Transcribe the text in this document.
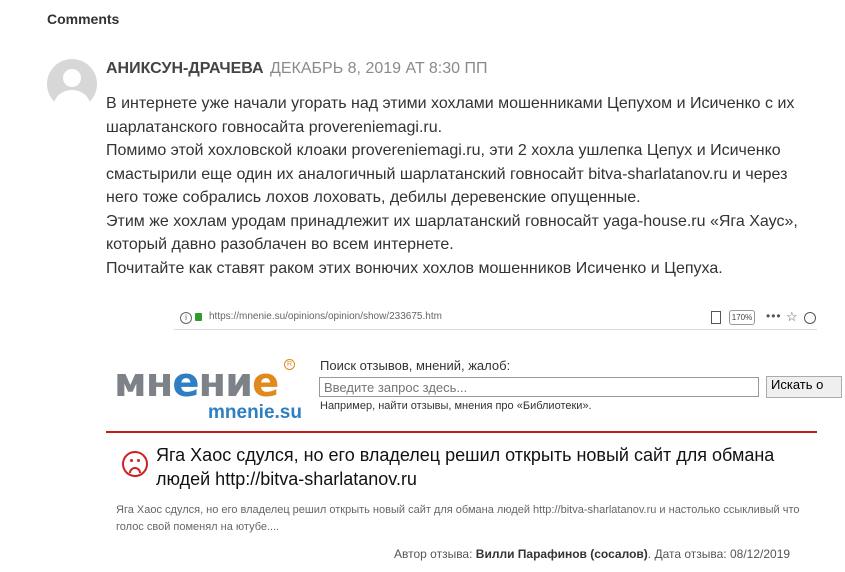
Comments
АНИКСУН-ДРАЧЕВА ДЕКАБРЬ 8, 2019 AT 8:30 ПП

В интернете уже начали угорать над этими хохлами мошенниками Цепухом и Исиченко с их шарлатанского говносайта provereniemagi.ru.

Помимо этой хохловской клоаки provereniemagi.ru, эти 2 хохла ушлепка Цепух и Исиченко смастырили еще один их аналогичный шарлатанский говносайт bitva-sharlatanov.ru и через него тоже собрались лохов лоховать, дебилы деревенские опущенные.

Этим же хохлам уродам принадлежит их шарлатанский говносайт yaga-house.ru «Яга Хаус», который давно разоблачен во всем интернете.

Почитайте как ставят раком этих вонючих хохлов мошенников Исиченко и Цепуха.

i	https://mnenie.su/opinions/opinion/show/233675.htm	170% ••• ☆
мнение	R
mnenie.su
Поиск отзывов, мнений, жалоб:
Введите запрос здесь...
Искать о
Например, найти отзывы, мнения про «Библиотеки».
Яга Хаос сдулся, но его владелец решил открыть новый сайт для обмана людей http://bitva-sharlatanov.ru
Яга Хаос сдулся, но его владелец решил открыть новый сайт для обмана людей http://bitva-sharlatanov.ru и настолько ссыкливый что голос свой поменял на ютубе....
Автор отзыва: Вилли Парафинов (сосалов). Дата отзыва: 08/12/2019
